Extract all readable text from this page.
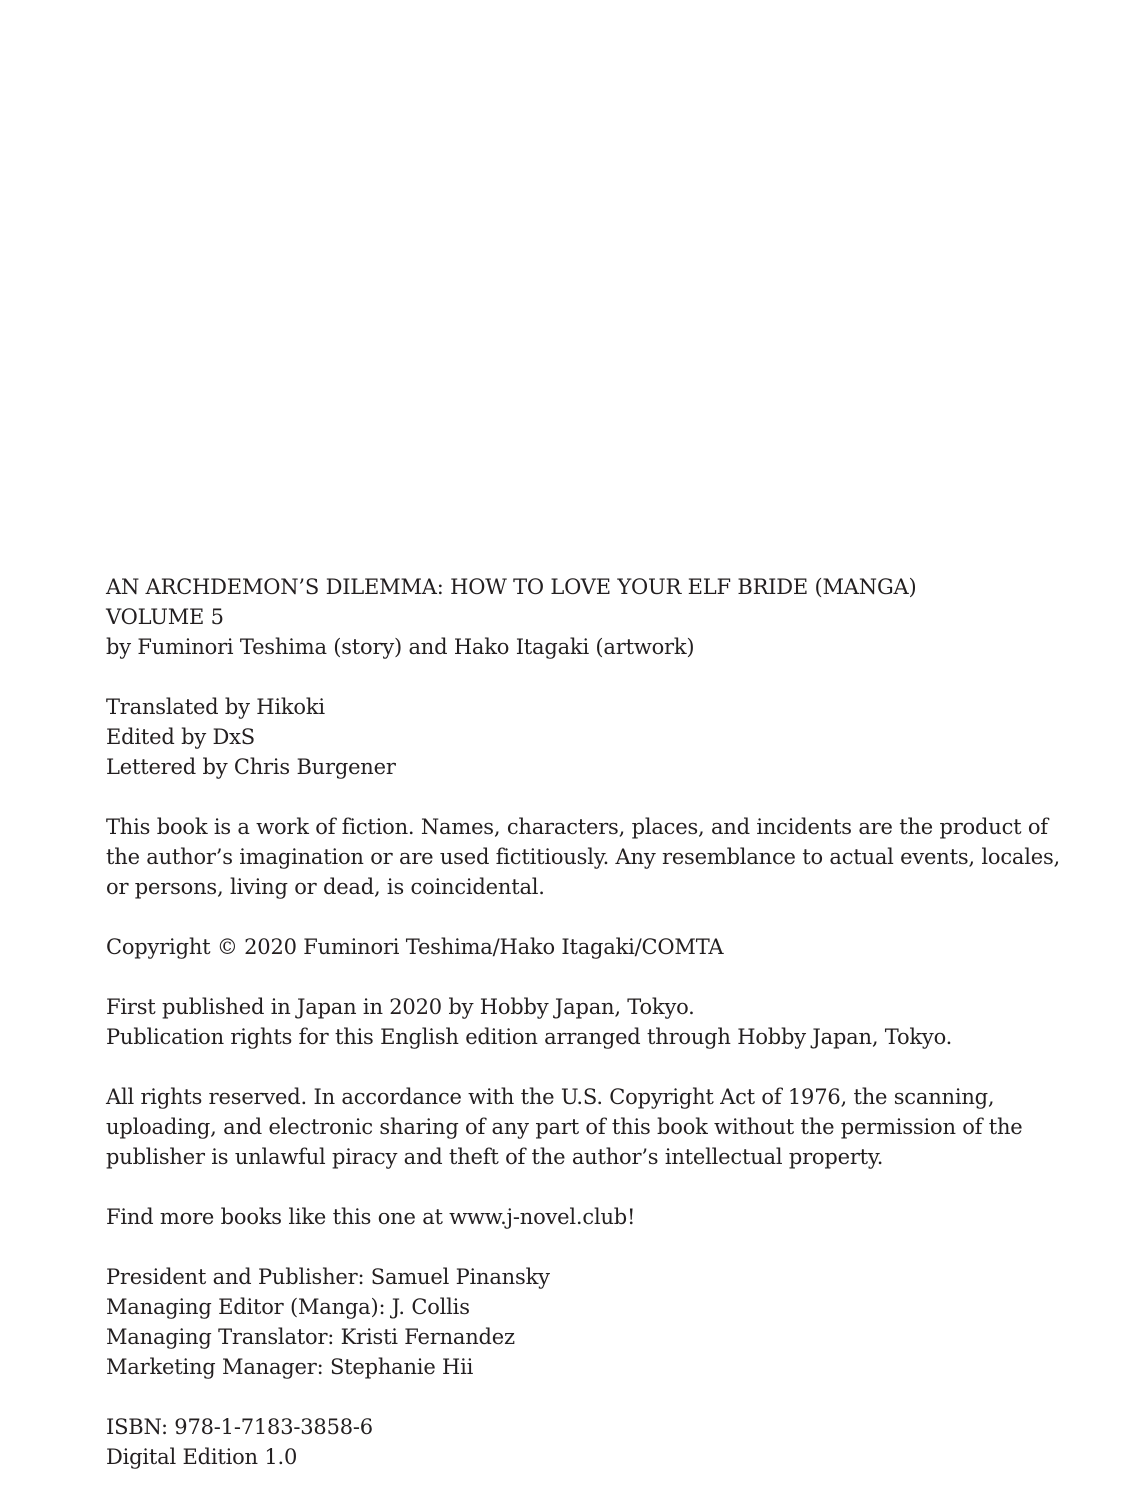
AN ARCHDEMON’S DILEMMA: HOW TO LOVE YOUR ELF BRIDE (MANGA)
VOLUME 5
by Fuminori Teshima (story) and Hako Itagaki (artwork)
Translated by Hikoki
Edited by DxS
Lettered by Chris Burgener
This book is a work of fiction. Names, characters, places, and incidents are the product of
the author’s imagination or are used fictitiously. Any resemblance to actual events, locales,
or persons, living or dead, is coincidental.
Copyright © 2020 Fuminori Teshima/Hako Itagaki/COMTA
First published in Japan in 2020 by Hobby Japan, Tokyo.
Publication rights for this English edition arranged through Hobby Japan, Tokyo.
All rights reserved. In accordance with the U.S. Copyright Act of 1976, the scanning,
uploading, and electronic sharing of any part of this book without the permission of the
publisher is unlawful piracy and theft of the author’s intellectual property.
Find more books like this one at www.j-novel.club!
President and Publisher: Samuel Pinansky
Managing Editor (Manga): J. Collis
Managing Translator: Kristi Fernandez
Marketing Manager: Stephanie Hii
ISBN: 978-1-7183-3858-6
Digital Edition 1.0
